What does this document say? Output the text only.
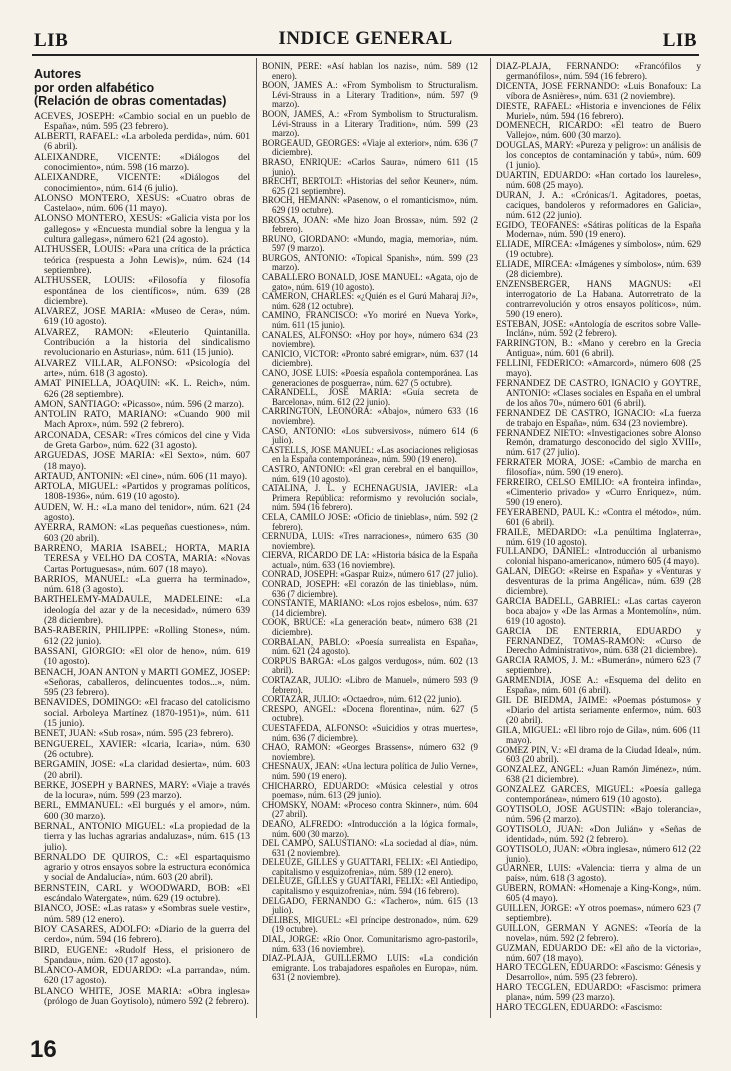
LIB	INDICE GENERAL	LIB
Autores
por orden alfabético
(Relación de obras comentadas)

ACEVES, JOSEPH: «Cambio social en un pueblo de España», núm. 595 (23 febrero).

ALBERTI, RAFAEL: «La arboleda perdida», núm. 601 (6 abril).

ALEIXANDRE, VICENTE: «Diálogos del conocimiento», núm. 598 (16 marzo).

ALEIXANDRE, VICENTE: «Diálogos del conocimiento», núm. 614 (6 julio).

ALONSO MONTERO, XESUS: «Cuatro obras de Castelao», núm. 606 (11 mayo).

ALONSO MONTERO, XESUS: «Galicia vista por los gallegos» y «Encuesta mundial sobre la lengua y la cultura gallegas», número 621 (24 agosto).

ALTHUSSER, LOUIS: «Para una crítica de la práctica teórica (respuesta a John Lewis)», núm. 624 (14 septiembre).

ALTHUSSER, LOUIS: «Filosofía y filosofía espontánea de los científicos», núm. 639 (28 diciembre).

ALVAREZ, JOSE MARIA: «Museo de Cera», núm. 619 (10 agosto).

ALVAREZ, RAMON: «Eleuterio Quintanilla. Contribución a la historia del sindicalismo revolucionario en Asturias», núm. 611 (15 junio).

ALVAREZ VILLAR, ALFONSO: «Psicología del arte», núm. 618 (3 agosto).

AMAT PINIELLA, JOAQUIN: «K. L. Reich», núm. 626 (28 septiembre).

AMON, SANTIAGO: «Picasso», núm. 596 (2 marzo).

ANTOLIN RATO, MARIANO: «Cuando 900 mil Mach Aprox», núm. 592 (2 febrero).

ARCONADA, CESAR: «Tres cómicos del cine y Vida de Greta Garbo», núm. 622 (31 agosto).

ARGUEDAS, JOSE MARIA: «El Sexto», núm. 607 (18 mayo).

ARTAUD, ANTONIN: «El cine», núm. 606 (11 mayo).

ARTOLA, MIGUEL: «Partidos y programas políticos, 1808-1936», núm. 619 (10 agosto).

AUDEN, W. H.: «La mano del tenidor», núm. 621 (24 agosto).

AYERRA, RAMON: «Las pequeñas cuestiones», núm. 603 (20 abril).

BARRENO, MARIA ISABEL; HORTA, MARIA TERESA y VELHO DA COSTA, MARIA: «Novas Cartas Portuguesas», núm. 607 (18 mayo).

BARRIOS, MANUEL: «La guerra ha terminado», núm. 618 (3 agosto).

BARTHELEMY-MADAULE, MADELEINE: «La ideología del azar y de la necesidad», número 639 (28 diciembre).

BAS-RABERIN, PHILIPPE: «Rolling Stones», núm. 612 (22 junio).

BASSANI, GIORGIO: «El olor de heno», núm. 619 (10 agosto).

BENACH, JOAN ANTON y MARTI GOMEZ, JOSEP: «Señoras, caballeros, delincuentes todos...», núm. 595 (23 febrero).

BENAVIDES, DOMINGO: «El fracaso del catolicismo social. Arboleya Martínez (1870-1951)», núm. 611 (15 junio).

BENET, JUAN: «Sub rosa», núm. 595 (23 febrero).

BENGUEREL, XAVIER: «Icaria, Icaria», núm. 630 (26 octubre).

BERGAMIN, JOSE: «La claridad desierta», núm. 603 (20 abril).

BERKE, JOSEPH y BARNES, MARY: «Viaje a través de la locura», núm. 599 (23 marzo).

BERL, EMMANUEL: «El burgués y el amor», núm. 600 (30 marzo).

BERNAL, ANTONIO MIGUEL: «La propiedad de la tierra y las luchas agrarias andaluzas», núm. 615 (13 julio).

BERNALDO DE QUIROS, C.: «El espartaquismo agrario y otros ensayos sobre la estructura económica y social de Andalucía», núm. 603 (20 abril).

BERNSTEIN, CARL y WOODWARD, BOB: «El escándalo Watergate», núm. 629 (19 octubre).

BIANCO, JOSE: «Las ratas» y «Sombras suele vestir», núm. 589 (12 enero).

BIOY CASARES, ADOLFO: «Diario de la guerra del cerdo», núm. 594 (16 febrero).

BIRD, EUGENE: «Rudolf Hess, el prisionero de Spandau», núm. 620 (17 agosto).

BLANCO-AMOR, EDUARDO: «La parranda», núm. 620 (17 agosto).

BLANCO WHITE, JOSE MARIA: «Obra inglesa» (prólogo de Juan Goytisolo), número 592 (2 febrero).

BONIN, PERE: «Así hablan los nazis», núm. 589 (12 enero).

BOON, JAMES A.: «From Symbolism to Structuralism. Lévi-Strauss in a Literary Tradition», núm. 597 (9 marzo).

BOON, JAMES, A.: «From Symbolism to Structuralism. Lévi-Strauss in a Literary Tradition», núm. 599 (23 marzo).

BORGEAUD, GEORGES: «Viaje al exterior», núm. 636 (7 diciembre).

BRASO, ENRIQUE: «Carlos Saura», número 611 (15 junio).

BRECHT, BERTOLT: «Historias del señor Keuner», núm. 625 (21 septiembre).

BROCH, HEMANN: «Pasenow, o el romanticismo», núm. 629 (19 octubre).

BROSSA, JOAN: «Me hizo Joan Brossa», núm. 592 (2 febrero).

BRUNO, GIORDANO: «Mundo, magia, memoria», núm. 597 (9 marzo).

BURGOS, ANTONIO: «Topical Spanish», núm. 599 (23 marzo).

CABALLERO BONALD, JOSE MANUEL: «Agata, ojo de gato», núm. 619 (10 agosto).

CAMERON, CHARLES: «¿Quién es el Gurú Maharaj Ji?», núm. 628 (12 octubre).

CAMINO, FRANCISCO: «Yo moriré en Nueva York», núm. 611 (15 junio).

CANALES, ALFONSO: «Hoy por hoy», número 634 (23 noviembre).

CANICIO, VICTOR: «Pronto sabré emigrar», núm. 637 (14 diciembre).

CANO, JOSE LUIS: «Poesía española contemporánea. Las generaciones de posguerra», núm. 627 (5 octubre).

CARANDELL, JOSE MARIA: «Guía secreta de Barcelona», núm. 612 (22 junio).

CARRINGTON, LEONORA: «Abajo», número 633 (16 noviembre).

CASO, ANTONIO: «Los subversivos», número 614 (6 julio).

CASTELLS, JOSE MANUEL: «Las asociaciones religiosas en la España contemporánea», núm. 590 (19 enero).

CASTRO, ANTONIO: «El gran cerebral en el banquillo», núm. 619 (10 agosto).

CATALINA, J. L. y ECHENAGUSIA, JAVIER: «La Primera República: reformismo y revolución social», núm. 594 (16 febrero).

CELA, CAMILO JOSE: «Oficio de tinieblas», núm. 592 (2 febrero).

CERNUDA, LUIS: «Tres narraciones», número 635 (30 noviembre).

CIERVA, RICARDO DE LA: «Historia básica de la España actual», núm. 633 (16 noviembre).

CONRAD, JOSEPH: «Gaspar Ruiz», número 617 (27 julio).

CONRAD, JOSEPH: «El corazón de las tinieblas», núm. 636 (7 diciembre).

CONSTANTE, MARIANO: «Los rojos esbelos», núm. 637 (14 diciembre).

COOK, BRUCE: «La generación beat», número 638 (21 diciembre).

CORBALAN, PABLO: «Poesía surrealista en España», núm. 621 (24 agosto).

CORPUS BARGA: «Los galgos verdugos», núm. 602 (13 abril).

CORTAZAR, JULIO: «Libro de Manuel», número 593 (9 febrero).

CORTAZAR, JULIO: «Octaedro», núm. 612 (22 junio).

CRESPO, ANGEL: «Docena florentina», núm. 627 (5 octubre).

CUESTAFEDA, ALFONSO: «Suicidios y otras muertes», núm. 636 (7 diciembre).

CHAO, RAMON: «Georges Brassens», número 632 (9 noviembre).

CHESNAUX, JEAN: «Una lectura política de Julio Verne», núm. 590 (19 enero).

CHICHARRO, EDUARDO: «Música celestial y otros poemas», núm. 613 (29 junio).

CHOMSKY, NOAM: «Proceso contra Skinner», núm. 604 (27 abril).

DEAÑO, ALFREDO: «Introducción a la lógica formal», núm. 600 (30 marzo).

DEL CAMPO, SALUSTIANO: «La sociedad al día», núm. 631 (2 noviembre).

DELEUZE, GILLES y GUATTARI, FELIX: «El Antiedipo, capitalismo y esquizofrenia», núm. 589 (12 enero).

DELEUZE, GILLES y GUATTARI, FELIX: «El Antiedipo, capitalismo y esquizofrenia», núm. 594 (16 febrero).

DELGADO, FERNANDO G.: «Tachero», núm. 615 (13 julio).

DELIBES, MIGUEL: «El príncipe destronado», núm. 629 (19 octubre).

DIAL, JORGE: «Río Onor. Comunitarismo agro-pastoril», núm. 633 (16 noviembre).

DIAZ-PLAJA, GUILLERMO LUIS: «La condición emigrante. Los trabajadores españoles en Europa», núm. 631 (2 noviembre).

DIAZ-PLAJA, FERNANDO: «Francófilos y germanófilos», núm. 594 (16 febrero).

DICENTA, JOSE FERNANDO: «Luis Bonafoux: La víbora de Asnières», núm. 631 (2 noviembre).

DIESTE, RAFAEL: «Historia e invenciones de Félix Muriel», núm. 594 (16 febrero).

DOMENECH, RICARDO: «El teatro de Buero Vallejo», núm. 600 (30 marzo).

DOUGLAS, MARY: «Pureza y peligro»: un análisis de los conceptos de contaminación y tabú», núm. 609 (1 junio).

DUARTIN, EDUARDO: «Han cortado los laureles», núm. 608 (25 mayo).

DURAN, J. A.: «Crónicas/1. Agitadores, poetas, caciques, bandoleros y reformadores en Galicia», núm. 612 (22 junio).

EGIDO, TEOFANES: «Sátiras políticas de la España Moderna», núm. 590 (19 enero).

ELIADE, MIRCEA: «Imágenes y símbolos», núm. 629 (19 octubre).

ELIADE, MIRCEA: «Imágenes y símbolos», núm. 639 (28 diciembre).

ENZENSBERGER, HANS MAGNUS: «El interrogatorio de La Habana. Autorretrato de la contrarrevolución y otros ensayos políticos», núm. 590 (19 enero).

ESTEBAN, JOSE: «Antología de escritos sobre Valle-Inclán», núm. 592 (2 febrero).

FARRINGTON, B.: «Mano y cerebro en la Grecia Antigua», núm. 601 (6 abril).

FELLINI, FEDERICO: «Amarcord», número 608 (25 mayo).

FERNANDEZ DE CASTRO, IGNACIO y GOYTRE, ANTONIO: «Clases sociales en España en el umbral de los años 70», número 601 (6 abril).

FERNANDEZ DE CASTRO, IGNACIO: «La fuerza de trabajo en España», núm. 634 (23 noviembre).

FERNANDEZ NIETO: «Investigaciones sobre Alonso Remón, dramaturgo desconocido del siglo XVIII», núm. 617 (27 julio).

FERRATER MORA, JOSE: «Cambio de marcha en filosofía», núm. 590 (19 enero).

FERREIRO, CELSO EMILIO: «A fronteira infinda», «Cimenterio privado» y «Curro Enriquez», núm. 590 (19 enero).

FEYERABEND, PAUL K.: «Contra el método», núm. 601 (6 abril).

FRAILE, MEDARDO: «La penúltima Inglaterra», núm. 619 (10 agosto).

FULLANDO, DANIEL: «Introducción al urbanismo colonial hispano-americano», número 605 (4 mayo).

GALAN, DIEGO: «Reirse en España» y «Venturas y desventuras de la prima Angélica», núm. 639 (28 diciembre).

GARCIA BADELL, GABRIEL: «Las cartas cayeron boca abajo» y «De las Armas a Montemolín», núm. 619 (10 agosto).

GARCIA DE ENTERRIA, EDUARDO y FERNANDEZ, TOMAS-RAMON: «Curso de Derecho Administrativo», núm. 638 (21 diciembre).

GARCIA RAMOS, J. M.: «Bumerán», número 623 (7 septiembre).

GARMENDIA, JOSE A.: «Esquema del delito en España», núm. 601 (6 abril).

GIL DE BIEDMA, JAIME: «Poemas póstumos» y «Diario del artista seriamente enfermo», núm. 603 (20 abril).

GILA, MIGUEL: «El libro rojo de Gila», núm. 606 (11 mayo).

GOMEZ PIN, V.: «El drama de la Ciudad Ideal», núm. 603 (20 abril).

GONZALEZ, ANGEL: «Juan Ramón Jiménez», núm. 638 (21 diciembre).

GONZALEZ GARCES, MIGUEL: «Poesía gallega contemporánea», número 619 (10 agosto).

GOYTISOLO, JOSE AGUSTIN: «Bajo tolerancia», núm. 596 (2 marzo).

GOYTISOLO, JUAN: «Don Julián» y «Señas de identidad», núm. 592 (2 febrero).

GOYTISOLO, JUAN: «Obra inglesa», número 612 (22 junio).

GUARNER, LUIS: «Valencia: tierra y alma de un país», núm. 618 (3 agosto).

GUBERN, ROMAN: «Homenaje a King-Kong», núm. 605 (4 mayo).

GUILLEN, JORGE: «Y otros poemas», número 623 (7 septiembre).

GUILLON, GERMAN Y AGNES: «Teoría de la novela», núm. 592 (2 febrero).

GUZMAN, EDUARDO DE: «El año de la victoria», núm. 607 (18 mayo).

HARO TECGLEN, EDUARDO: «Fascismo: Génesis y Desarrollo», núm. 595 (23 febrero).

HARO TECGLEN, EDUARDO: «Fascismo: primera plana», núm. 599 (23 marzo).

HARO TECGLEN, EDUARDO: «Fascismo:

16
